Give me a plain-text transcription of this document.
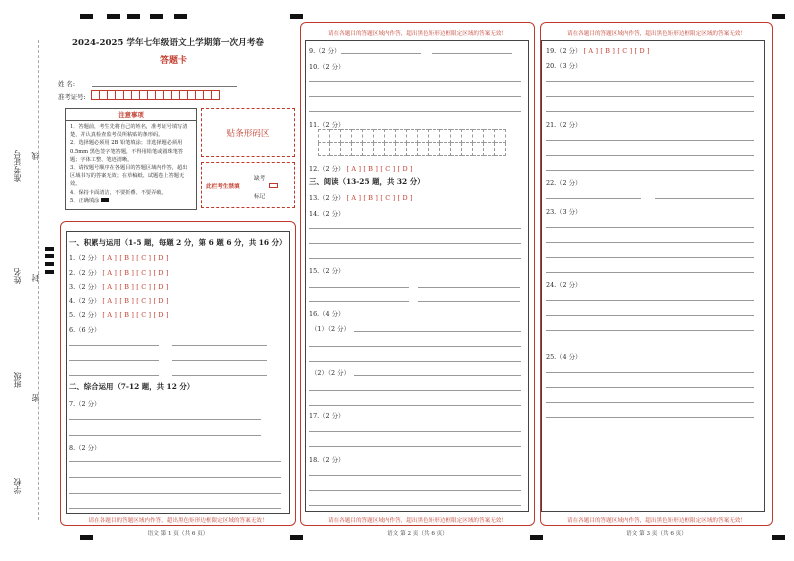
准考证号 线
姓名 封
班级
密
学校
2024-2025 学年七年级语文上学期第一次月考卷
答题卡
姓 名:
准考证号:
注意事项
1．答题前，考生先将自己的姓名，准考证号填写清楚，并认真检查监考员所粘贴的条形码。
2．选择题必须用 2B 铅笔填涂；非选择题必须用 0.5mm 黑色签字笔答题，不得用铅笔或圆珠笔答题；字体工整、笔迹清晰。
3．请按题号顺序在各题目的答题区域内作答，超出区域书写的答案无效；在草稿纸、试题卷上答题无效。
4．保持卡面清洁，不要折叠、不要弄破。
5．正确填涂
贴条形码区
此栏考生禁填
缺考
标记
一、积累与运用（1-5 题，每题 2 分，第 6 题 6 分，共 16 分）
1.（2 分） [ A ] [ B ] [ C ] [ D ]
2.（2 分） [ A ] [ B ] [ C ] [ D ]
3.（2 分） [ A ] [ B ] [ C ] [ D ]
4.（2 分） [ A ] [ B ] [ C ] [ D ]
5.（2 分） [ A ] [ B ] [ C ] [ D ]
6.（6 分）
二、综合运用（7-12 题，共 12 分）
7.（2 分）
8.（2 分）
请在各题目的答题区域内作答，超出黑色矩形边框限定区域的答案无效！
语文 第 1 页（共 6 页）
请在各题目的答题区域内作答，超出黑色矩形边框限定区域的答案无效！
9.（2 分）
10.（2 分）
11.（2 分）

12.（2 分） [ A ] [ B ] [ C ] [ D ]
三、阅读（13-25 题，共 32 分）
13.（2 分） [ A ] [ B ] [ C ] [ D ]
14.（2 分）
15.（2 分）
16.（4 分）
（1）（2 分）
（2）（2 分）
17.（2 分）
18.（2 分）
请在各题目的答题区域内作答，超出黑色矩形边框限定区域的答案无效！
语文 第 2 页（共 6 页）
请在各题目的答题区域内作答，超出黑色矩形边框限定区域的答案无效！
19.（2 分） [ A ] [ B ] [ C ] [ D ]
20.（3 分）
21.（2 分）
22.（2 分）
23.（3 分）
24.（2 分）
25.（4 分）
请在各题目的答题区域内作答，超出黑色矩形边框限定区域的答案无效！
语文 第 3 页（共 6 页）
